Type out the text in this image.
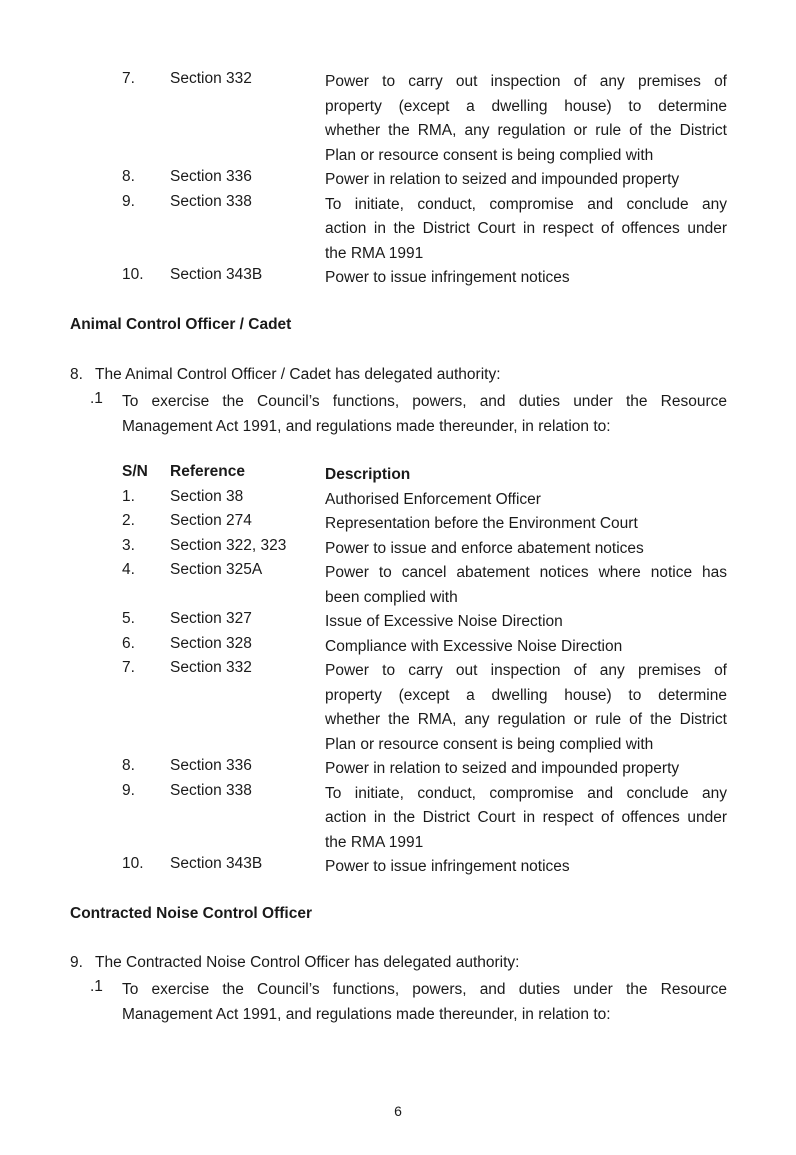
7. Section 332	Power to carry out inspection of any premises of
property (except a dwelling house) to determine
whether the RMA, any regulation or rule of the District
Plan or resource consent is being complied with
8. Section 336	Power in relation to seized and impounded property
9. Section 338	To initiate, conduct, compromise and conclude any
action in the District Court in respect of offences under
the RMA 1991
10. Section 343B	Power to issue infringement notices
Animal Control Officer / Cadet
8. The Animal Control Officer / Cadet has delegated authority:
.1 To exercise the Council’s functions, powers, and duties under the Resource
Management Act 1991, and regulations made thereunder, in relation to:
S/N Reference	Description
1. Section 38	Authorised Enforcement Officer
2. Section 274	Representation before the Environment Court
3. Section 322, 323 Power to issue and enforce abatement notices
4. Section 325A	Power to cancel abatement notices where notice has
been complied with
5. Section 327	Issue of Excessive Noise Direction
6. Section 328	Compliance with Excessive Noise Direction
7. Section 332	Power to carry out inspection of any premises of
property (except a dwelling house) to determine
whether the RMA, any regulation or rule of the District
Plan or resource consent is being complied with
8. Section 336	Power in relation to seized and impounded property
9. Section 338	To initiate, conduct, compromise and conclude any
action in the District Court in respect of offences under
the RMA 1991
10. Section 343B	Power to issue infringement notices
Contracted Noise Control Officer
9. The Contracted Noise Control Officer has delegated authority:
.1 To exercise the Council’s functions, powers, and duties under the Resource
Management Act 1991, and regulations made thereunder, in relation to:
6
